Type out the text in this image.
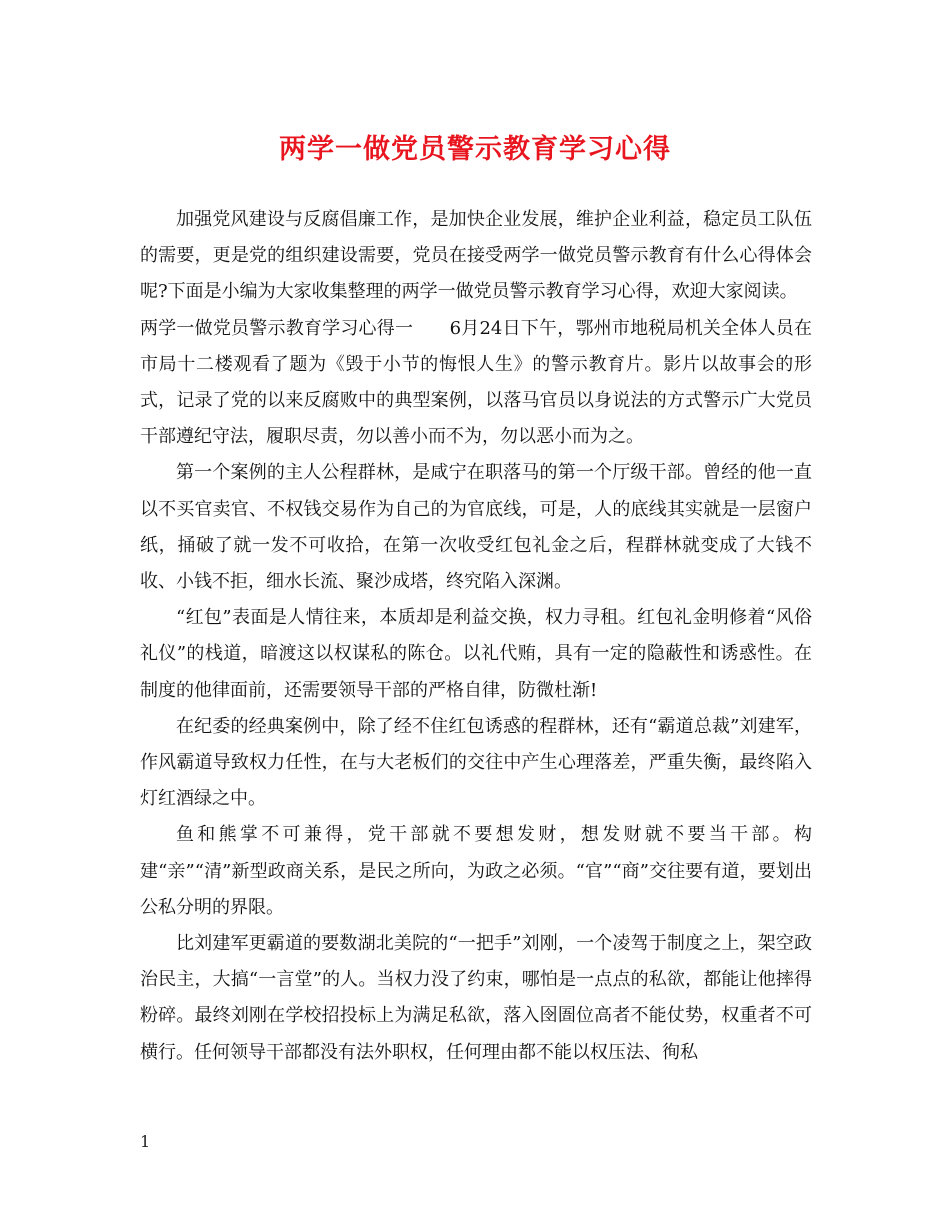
两学一做党员警示教育学习心得

加强党风建设与反腐倡廉工作，是加快企业发展，维护企业利益，稳定员工队伍的需要，更是党的组织建设需要，党员在接受两学一做党员警示教育有什么心得体会呢?下面是小编为大家收集整理的两学一做党员警示教育学习心得，欢迎大家阅读。

两学一做党员警示教育学习心得一　　6月24日下午，鄂州市地税局机关全体人员在市局十二楼观看了题为《毁于小节的悔恨人生》的警示教育片。影片以故事会的形式，记录了党的以来反腐败中的典型案例，以落马官员以身说法的方式警示广大党员干部遵纪守法，履职尽责，勿以善小而不为，勿以恶小而为之。

第一个案例的主人公程群林，是咸宁在职落马的第一个厅级干部。曾经的他一直以不买官卖官、不权钱交易作为自己的为官底线，可是，人的底线其实就是一层窗户纸，捅破了就一发不可收拾，在第一次收受红包礼金之后，程群林就变成了大钱不收、小钱不拒，细水长流、聚沙成塔，终究陷入深渊。

“红包”表面是人情往来，本质却是利益交换，权力寻租。红包礼金明修着“风俗礼仪”的栈道，暗渡这以权谋私的陈仓。以礼代贿，具有一定的隐蔽性和诱惑性。在制度的他律面前，还需要领导干部的严格自律，防微杜渐!

在纪委的经典案例中，除了经不住红包诱惑的程群林，还有“霸道总裁”刘建军，作风霸道导致权力任性，在与大老板们的交往中产生心理落差，严重失衡，最终陷入灯红酒绿之中。

鱼和熊掌不可兼得，党干部就不要想发财，想发财就不要当干部。构建“亲”“清”新型政商关系，是民之所向，为政之必须。“官”“商”交往要有道，要划出公私分明的界限。

比刘建军更霸道的要数湖北美院的“一把手”刘刚，一个凌驾于制度之上，架空政治民主，大搞“一言堂”的人。当权力没了约束，哪怕是一点点的私欲，都能让他摔得粉碎。最终刘刚在学校招投标上为满足私欲，落入囹圄位高者不能仗势，权重者不可横行。任何领导干部都没有法外职权，任何理由都不能以权压法、徇私

1
